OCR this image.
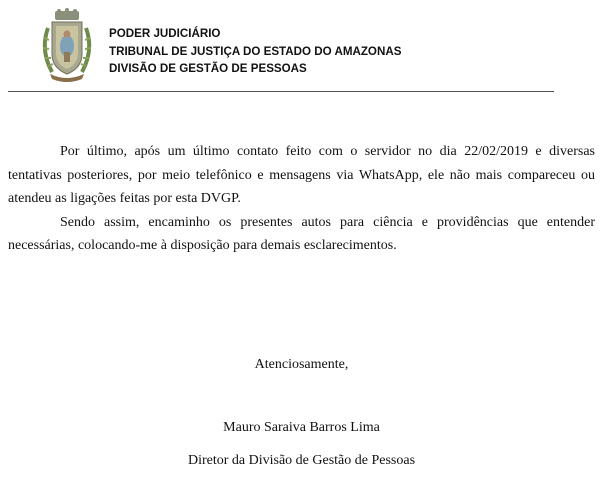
PODER JUDICIÁRIO
TRIBUNAL DE JUSTIÇA DO ESTADO DO AMAZONAS
DIVISÃO DE GESTÃO DE PESSOAS

Por último, após um último contato feito com o servidor no dia 22/02/2019 e diversas tentativas posteriores, por meio telefônico e mensagens via WhatsApp, ele não mais compareceu ou atendeu as ligações feitas por esta DVGP.

Sendo assim, encaminho os presentes autos para ciência e providências que entender necessárias, colocando-me à disposição para demais esclarecimentos.

Atenciosamente,
Mauro Saraiva Barros Lima
Diretor da Divisão de Gestão de Pessoas
